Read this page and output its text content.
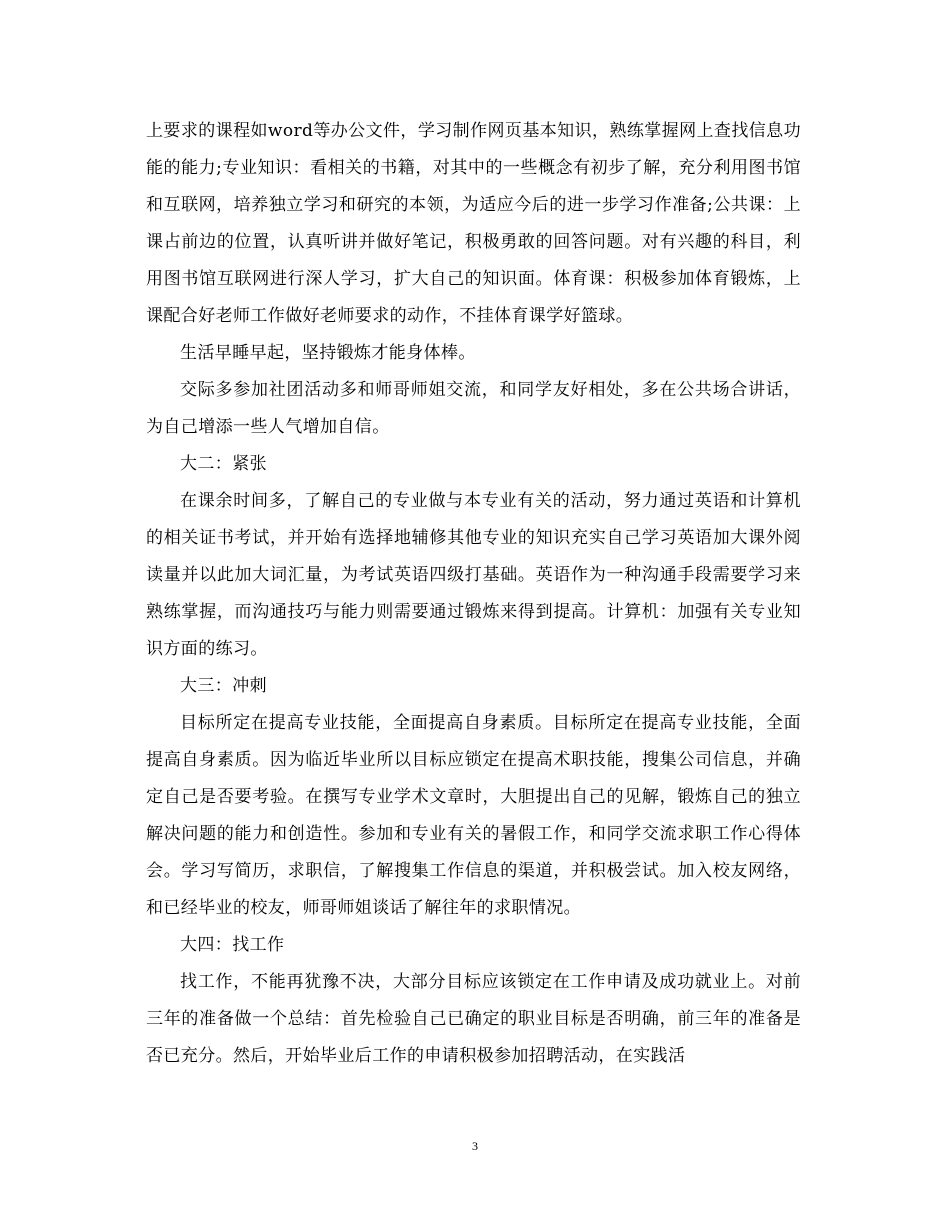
上要求的课程如word等办公文件，学习制作网页基本知识，熟练掌握网上查找信息功能的能力;专业知识：看相关的书籍，对其中的一些概念有初步了解，充分利用图书馆和互联网，培养独立学习和研究的本领，为适应今后的进一步学习作准备;公共课：上课占前边的位置，认真听讲并做好笔记，积极勇敢的回答问题。对有兴趣的科目，利用图书馆互联网进行深人学习，扩大自己的知识面。体育课：积极参加体育锻炼，上课配合好老师工作做好老师要求的动作，不挂体育课学好篮球。

生活早睡早起，坚持锻炼才能身体棒。

交际多参加社团活动多和师哥师姐交流，和同学友好相处，多在公共场合讲话，为自己增添一些人气增加自信。

大二：紧张

在课余时间多，了解自己的专业做与本专业有关的活动，努力通过英语和计算机的相关证书考试，并开始有选择地辅修其他专业的知识充实自己学习英语加大课外阅读量并以此加大词汇量，为考试英语四级打基础。英语作为一种沟通手段需要学习来熟练掌握，而沟通技巧与能力则需要通过锻炼来得到提高。计算机：加强有关专业知识方面的练习。

大三：冲刺

目标所定在提高专业技能，全面提高自身素质。目标所定在提高专业技能，全面提高自身素质。因为临近毕业所以目标应锁定在提高术职技能，搜集公司信息，并确定自己是否要考验。在撰写专业学术文章时，大胆提出自己的见解，锻炼自己的独立解决问题的能力和创造性。参加和专业有关的暑假工作，和同学交流求职工作心得体会。学习写简历，求职信，了解搜集工作信息的渠道，并积极尝试。加入校友网络，和已经毕业的校友，师哥师姐谈话了解往年的求职情况。

大四：找工作

找工作，不能再犹豫不决，大部分目标应该锁定在工作申请及成功就业上。对前三年的准备做一个总结：首先检验自己已确定的职业目标是否明确，前三年的准备是否已充分。然后，开始毕业后工作的申请积极参加招聘活动，在实践活

3
